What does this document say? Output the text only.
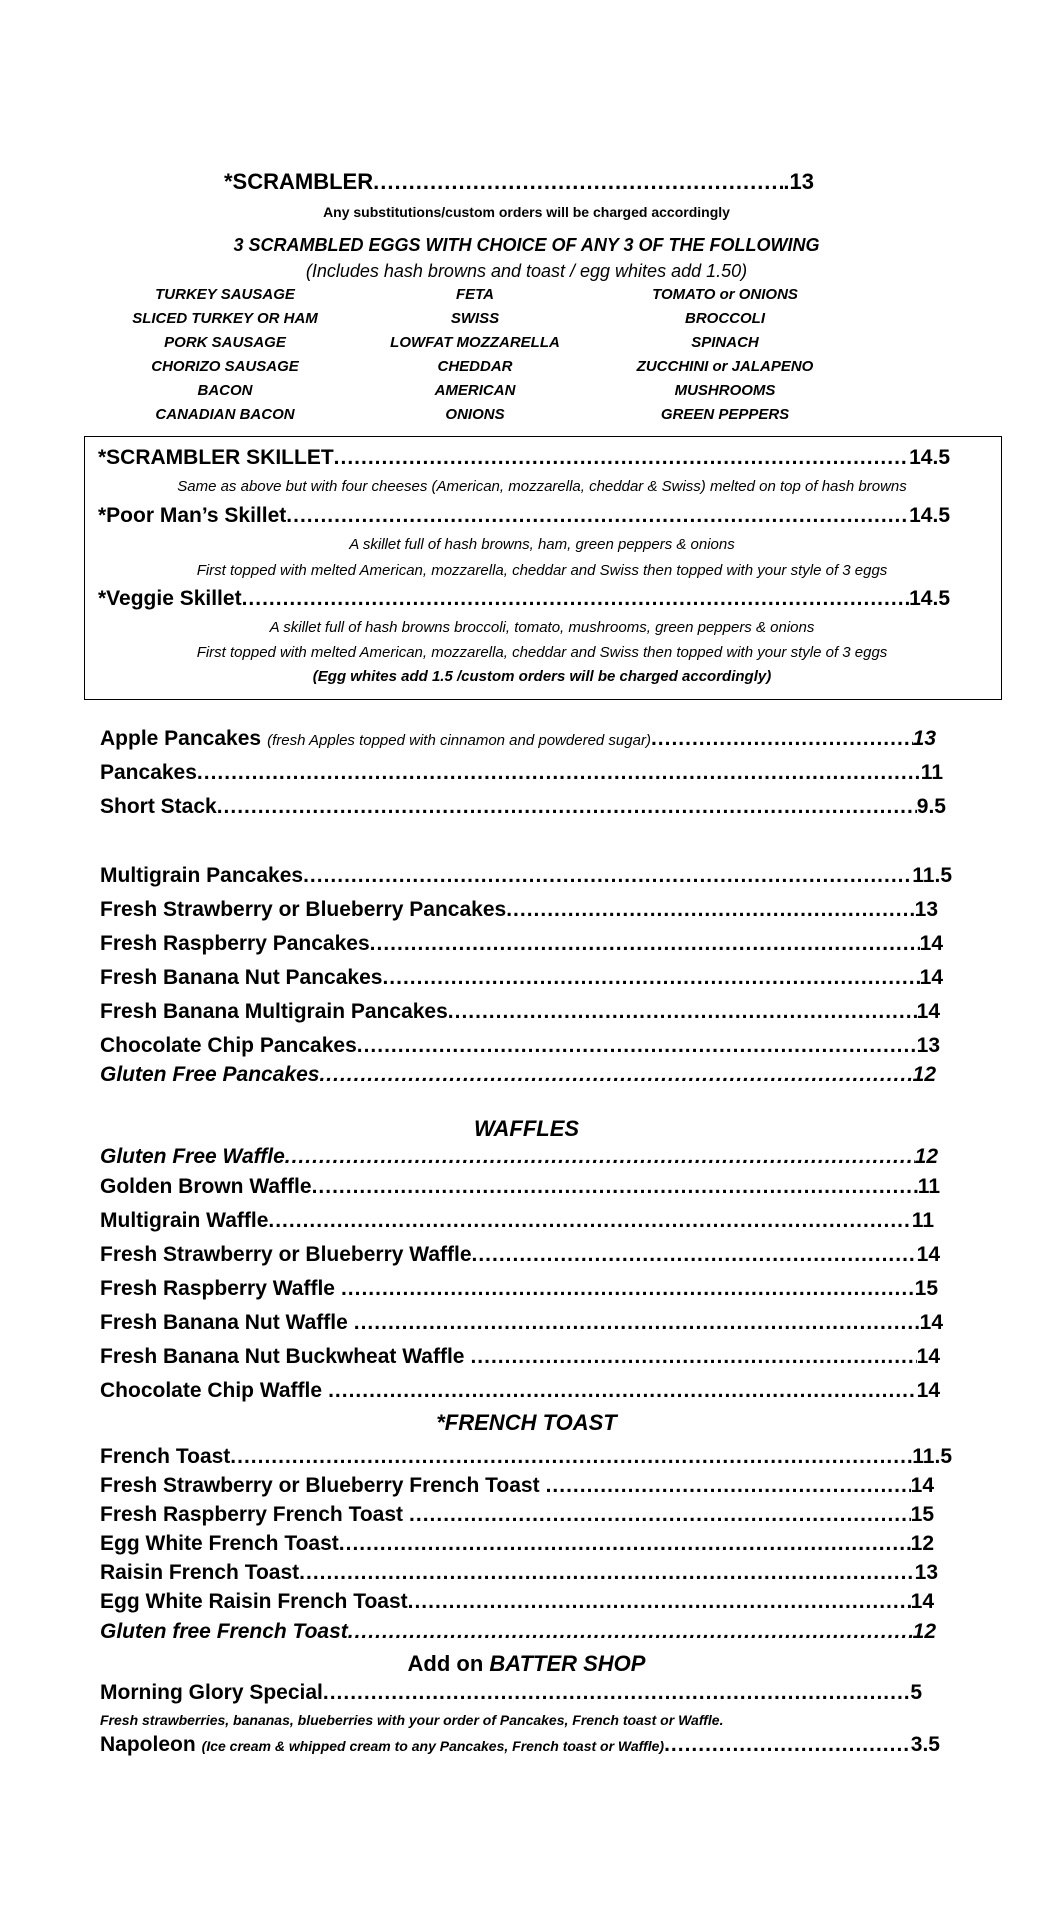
*SCRAMBLER .....	.13
Any substitutions/custom orders will be charged accordingly
3 SCRAMBLED EGGS WITH CHOICE OF ANY 3 OF THE FOLLOWING
(Includes hash browns and toast / egg whites add 1.50)
TURKEY SAUSAGE	FETA	TOMATO or ONIONS
SLICED TURKEY OR HAM	SWISS	BROCCOLI
PORK SAUSAGE	LOWFAT MOZZARELLA	SPINACH
CHORIZO SAUSAGE	CHEDDAR	ZUCCHINI or JALAPENO
BACON	AMERICAN	MUSHROOMS
CANADIAN BACON	ONIONS	GREEN PEPPERS
*SCRAMBLER SKILLET .....	14.5
Same as above but with four cheeses (American, mozzarella, cheddar & Swiss) melted on top of hash browns
*Poor Man’s Skillet .....	14.5
A skillet full of hash browns, ham, green peppers & onions
First topped with melted American, mozzarella, cheddar and Swiss then topped with your style of 3 eggs
*Veggie Skillet .....	14.5
A skillet full of hash browns broccoli, tomato, mushrooms, green peppers & onions
First topped with melted American, mozzarella, cheddar and Swiss then topped with your style of 3 eggs
(Egg whites add 1.5 /custom orders will be charged accordingly)
Apple Pancakes (fresh Apples topped with cinnamon and powdered sugar) .....	13
Pancakes .....	11
Short Stack .....	9.5
Multigrain Pancakes .....	11.5
Fresh Strawberry or Blueberry Pancakes .....	13
Fresh Raspberry Pancakes .....	14
Fresh Banana Nut Pancakes .....	14
Fresh Banana Multigrain Pancakes .....	14
Chocolate Chip Pancakes .....	13
Gluten Free Pancakes .....	12
WAFFLES
Gluten Free Waffle .....	12
Golden Brown Waffle .....	11
Multigrain Waffle .....	11
Fresh Strawberry or Blueberry Waffle .....	14
Fresh Raspberry Waffle .....	15
Fresh Banana Nut Waffle .....	14
Fresh Banana Nut Buckwheat Waffle .....	14
Chocolate Chip Waffle .....	14
*FRENCH TOAST
French Toast .....	11.5
Fresh Strawberry or Blueberry French Toast .....	14
Fresh Raspberry French Toast .....	15
Egg White French Toast .....	12
Raisin French Toast .....	13
Egg White Raisin French Toast .....	14
Gluten free French Toast .....	12
Add on BATTER SHOP
Morning Glory Special .....	5
Fresh strawberries, bananas, blueberries with your order of Pancakes, French toast or Waffle.
Napoleon (Ice cream & whipped cream to any Pancakes, French toast or Waffle) .....	3.5
